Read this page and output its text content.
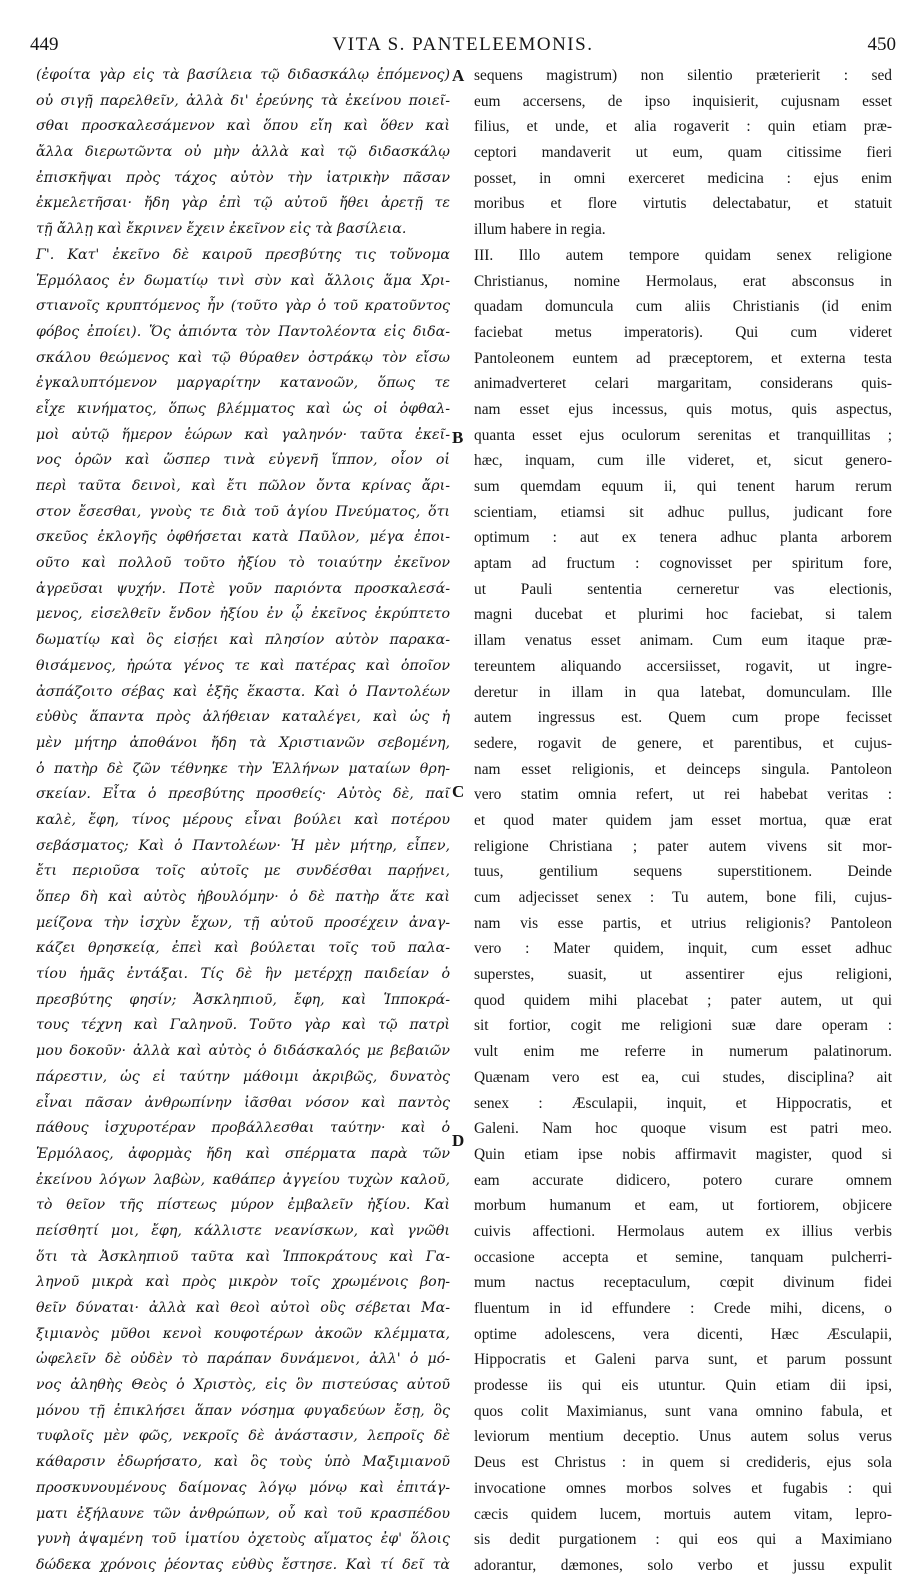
449	VITA S. PANTELEEMONIS.	450
(ἐφοίτα γὰρ εἰς τὰ βασίλεια τῷ διδασκάλῳ ἑπόμενος)
οὐ σιγῇ παρελθεῖν, ἀλλὰ δι' ἐρεύνης τὰ ἐκείνου ποιεῖ-
σθαι προσκαλεσάμενον καὶ ὅπου εἴη καὶ ὅθεν καὶ
ἄλλα διερωτῶντα οὐ μὴν ἀλλὰ καὶ τῷ διδασκάλῳ
ἐπισκῆψαι πρὸς τάχος αὐτὸν τὴν ἰατρικὴν πᾶσαν
ἐκμελετῆσαι· ἤδη γὰρ ἐπὶ τῷ αὐτοῦ ἤθει ἀρετῇ τε
τῇ ἄλλῃ καὶ ἔκρινεν ἔχειν ἐκεῖνον εἰς τὰ βασίλεια.
Γ'. Κατ' ἐκεῖνο δὲ καιροῦ πρεσβύτης τις τοὔνομα
Ἑρμόλαος ἐν δωματίῳ τινὶ σὺν καὶ ἄλλοις ἅμα Χρι-
στιανοῖς κρυπτόμενος ἦν (τοῦτο γὰρ ὁ τοῦ κρατοῦντος
φόβος ἐποίει). Ὅς ἀπιόντα τὸν Παντολέοντα εἰς διδα-
σκάλου θεώμενος καὶ τῷ θύραθεν ὀστράκῳ τὸν εἴσω
ἐγκαλυπτόμενον μαργαρίτην κατανοῶν, ὅπως τε
εἶχε κινήματος, ὅπως βλέμματος καὶ ὡς οἱ ὀφθαλ-
μοὶ αὐτῷ ἥμερον ἑώρων καὶ γαληνόν· ταῦτα ἐκεῖ-
νος ὁρῶν καὶ ὥσπερ τινὰ εὐγενῆ ἵππον, οἷον οἱ
περὶ ταῦτα δεινοὶ, καὶ ἔτι πῶλον ὄντα κρίνας ἄρι-
στον ἔσεσθαι, γνοὺς τε διὰ τοῦ ἁγίου Πνεύματος, ὅτι
σκεῦος ἐκλογῆς ὀφθήσεται κατὰ Παῦλον, μέγα ἐποι-
οῦτο καὶ πολλοῦ τοῦτο ἠξίου τὸ τοιαύτην ἐκεῖνον
ἀγρεῦσαι ψυχήν. Ποτὲ γοῦν παριόντα προσκαλεσά-
μενος, εἰσελθεῖν ἔνδον ἠξίου ἐν ᾧ ἐκεῖνος ἐκρύπτετο
δωματίῳ καὶ ὃς εἰσῄει καὶ πλησίον αὐτὸν παρακα-
θισάμενος, ἠρώτα γένος τε καὶ πατέρας καὶ ὁποῖον
ἀσπάζοιτο σέβας καὶ ἑξῆς ἕκαστα. Καὶ ὁ Παντολέων
εὐθὺς ἅπαντα πρὸς ἀλήθειαν καταλέγει, καὶ ὡς ἡ
μὲν μήτηρ ἀποθάνοι ἤδη τὰ Χριστιανῶν σεβομένη,
ὁ πατὴρ δὲ ζῶν τέθνηκε τὴν Ἑλλήνων ματαίων θρη-
σκείαν. Εἶτα ὁ πρεσβύτης προσθείς· Αὐτὸς δὲ, παῖ
καλὲ, ἔφη, τίνος μέρους εἶναι βούλει καὶ ποτέρου
σεβάσματος; Καὶ ὁ Παντολέων· Ἡ μὲν μήτηρ, εἶπεν,
ἔτι περιοῦσα τοῖς αὐτοῖς με συνδέσθαι παρῄνει,
ὅπερ δὴ καὶ αὐτὸς ἠβουλόμην· ὁ δὲ πατὴρ ἅτε καὶ
μείζονα τὴν ἰσχὺν ἔχων, τῇ αὐτοῦ προσέχειν ἀναγ-
κάζει θρησκείᾳ, ἐπεὶ καὶ βούλεται τοῖς τοῦ παλα-
τίου ἡμᾶς ἐντάξαι. Τίς δὲ ἣν μετέρχῃ παιδείαν ὁ
πρεσβύτης φησίν; Ἀσκληπιοῦ, ἔφη, καὶ Ἱπποκρά-
τους τέχνη καὶ Γαληνοῦ. Τοῦτο γὰρ καὶ τῷ πατρὶ
μου δοκοῦν· ἀλλὰ καὶ αὐτὸς ὁ διδάσκαλός με βεβαιῶν
πάρεστιν, ὡς εἰ ταύτην μάθοιμι ἀκριβῶς, δυνατὸς
εἶναι πᾶσαν ἀνθρωπίνην ἰᾶσθαι νόσον καὶ παντὸς
πάθους ἰσχυροτέραν προβάλλεσθαι ταύτην· καὶ ὁ
Ἑρμόλαος, ἀφορμὰς ἤδη καὶ σπέρματα παρὰ τῶν
ἐκείνου λόγων λαβὼν, καθάπερ ἀγγείου τυχὼν καλοῦ,
τὸ θεῖον τῆς πίστεως μύρον ἐμβαλεῖν ἠξίου. Καὶ
πείσθητί μοι, ἔφη, κάλλιστε νεανίσκων, καὶ γνῶθι
ὅτι τὰ Ἀσκληπιοῦ ταῦτα καὶ Ἱπποκράτους καὶ Γα-
ληνοῦ μικρὰ καὶ πρὸς μικρὸν τοῖς χρωμένοις βοη-
θεῖν δύναται· ἀλλὰ καὶ θεοὶ αὐτοὶ οὓς σέβεται Μα-
ξιμιανὸς μῦθοι κενοὶ κουφοτέρων ἀκοῶν κλέμματα,
ὠφελεῖν δὲ οὐδὲν τὸ παράπαν δυνάμενοι, ἀλλ' ὁ μό-
νος ἀληθὴς Θεὸς ὁ Χριστὸς, εἰς ὃν πιστεύσας αὐτοῦ
μόνου τῇ ἐπικλήσει ἅπαν νόσημα φυγαδεύων ἔσῃ, ὃς
τυφλοῖς μὲν φῶς, νεκροῖς δὲ ἀνάστασιν, λεπροῖς δὲ
κάθαρσιν ἐδωρήσατο, καὶ ὃς τοὺς ὑπὸ Μαξιμιανοῦ
προσκυνουμένους δαίμονας λόγῳ μόνῳ καὶ ἐπιτάγ-
ματι ἐξήλαυνε τῶν ἀνθρώπων, οὗ καὶ τοῦ κρασπέδου
γυνὴ ἁψαμένη τοῦ ἱματίου ὀχετοὺς αἵματος ἐφ' ὅλοις
δώδεκα χρόνοις ῥέοντας εὐθὺς ἔστησε. Καὶ τί δεῖ τὰ
sequens magistrum) non silentio præterierit : sed
eum accersens, de ipso inquisierit, cujusnam esset
filius, et unde, et alia rogaverit : quin etiam præ-
ceptori mandaverit ut eum, quam citissime fieri
posset, in omni exerceret medicina : ejus enim
moribus et flore virtutis delectabatur, et statuit
illum habere in regia.
III. Illo autem tempore quidam senex religione
Christianus, nomine Hermolaus, erat absconsus in
quadam domuncula cum aliis Christianis (id enim
faciebat metus imperatoris). Qui cum videret
Pantoleonem euntem ad præceptorem, et externa testa
animadverteret celari margaritam, considerans quis-
nam esset ejus incessus, quis motus, quis aspectus,
quanta esset ejus oculorum serenitas et tranquillitas ;
hæc, inquam, cum ille videret, et, sicut genero-
sum quemdam equum ii, qui tenent harum rerum
scientiam, etiamsi sit adhuc pullus, judicant fore
optimum : aut ex tenera adhuc planta arborem
aptam ad fructum : cognovisset per spiritum fore,
ut Pauli sententia cerneretur vas electionis,
magni ducebat et plurimi hoc faciebat, si talem
illam venatus esset animam. Cum eum itaque præ-
tereuntem aliquando accersiisset, rogavit, ut ingre-
deretur in illam in qua latebat, domunculam. Ille
autem ingressus est. Quem cum prope fecisset
sedere, rogavit de genere, et parentibus, et cujus-
nam esset religionis, et deinceps singula. Pantoleon
vero statim omnia refert, ut rei habebat veritas :
et quod mater quidem jam esset mortua, quæ erat
religione Christiana ; pater autem vivens sit mor-
tuus, gentilium sequens superstitionem. Deinde
cum adjecisset senex : Tu autem, bone fili, cujus-
nam vis esse partis, et utrius religionis? Pantoleon
vero : Mater quidem, inquit, cum esset adhuc
superstes, suasit, ut assentirer ejus religioni,
quod quidem mihi placebat ; pater autem, ut qui
sit fortior, cogit me religioni suæ dare operam :
vult enim me referre in numerum palatinorum.
Quænam vero est ea, cui studes, disciplina? ait
senex : Æsculapii, inquit, et Hippocratis, et
Galeni. Nam hoc quoque visum est patri meo.
Quin etiam ipse nobis affirmavit magister, quod si
eam accurate didicero, potero curare omnem
morbum humanum et eam, ut fortiorem, objicere
cuivis affectioni. Hermolaus autem ex illius verbis
occasione accepta et semine, tanquam pulcherri-
mum nactus receptaculum, cœpit divinum fidei
fluentum in id effundere : Crede mihi, dicens, o
optime adolescens, vera dicenti, Hæc Æsculapii,
Hippocratis et Galeni parva sunt, et parum possunt
prodesse iis qui eis utuntur. Quin etiam dii ipsi,
quos colit Maximianus, sunt vana omnino fabula, et
leviorum mentium deceptio. Unus autem solus verus
Deus est Christus : in quem si credideris, ejus sola
invocatione omnes morbos solves et fugabis : qui
cæcis quidem lucem, mortuis autem vitam, lepro-
sis dedit purgationem : qui eos qui a Maximiano
adorantur, dæmones, solo verbo et jussu expulit
A
B
C
D
